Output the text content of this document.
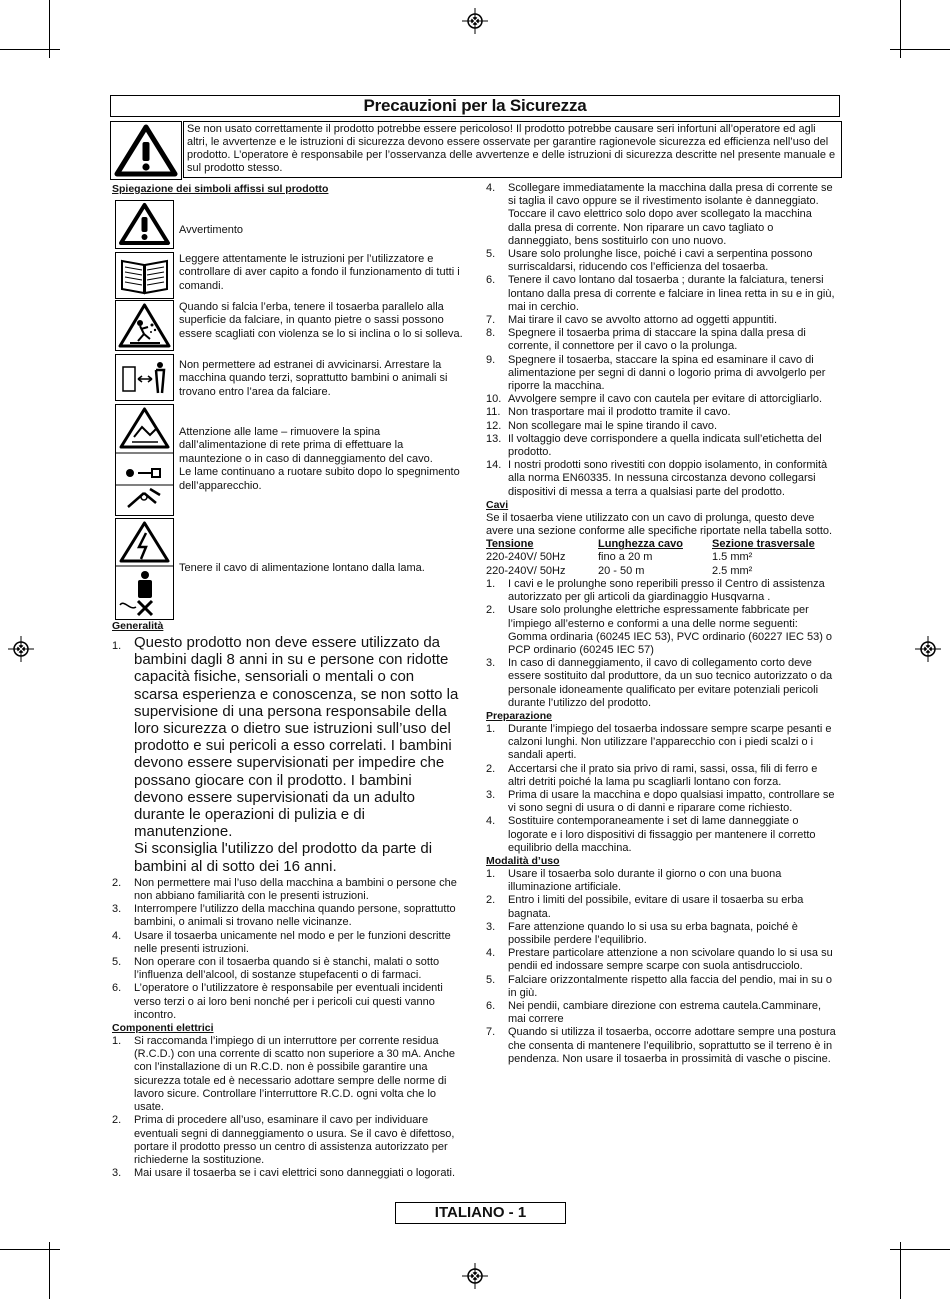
Precauzioni per la Sicurezza
Se non usato correttamente il prodotto potrebbe essere pericoloso! Il prodotto potrebbe causare seri infortuni all’operatore ed agli altri, le avvertenze e le istruzioni di sicurezza devono essere osservate per garantire ragionevole sicurezza ed efficienza nell’uso del prodotto. L’operatore è responsabile per l’osservanza delle avvertenze e delle istruzioni di sicurezza descritte nel presente manuale e sul prodotto stesso.
Spiegazione dei simboli affissi sul prodotto
Avvertimento
Leggere attentamente le istruzioni per l’utilizzatore e controllare di aver capito a fondo il funzionamento di tutti i comandi.
Quando si falcia l’erba, tenere il tosaerba parallelo alla superficie da falciare, in quanto pietre o sassi possono essere scagliati con violenza se lo si inclina o lo si solleva.
Non permettere ad estranei di avvicinarsi. Arrestare la macchina quando terzi, soprattutto bambini o animali si trovano entro l’area da falciare.
Attenzione alle lame – rimuovere la spina dall’alimentazione di rete prima di effettuare la mauntezione o in caso di danneggiamento del cavo.
Le lame continuano a ruotare subito dopo lo spegnimento dell’apparecchio.
Tenere il cavo di alimentazione lontano dalla lama.
Generalità
1. Questo prodotto non deve essere utilizzato da bambini dagli 8 anni in su e persone con ridotte capacità fisiche, sensoriali o mentali o con scarsa esperienza e conoscenza, se non sotto la supervisione di una persona responsabile della loro sicurezza o dietro sue istruzioni sull’uso del prodotto e sui pericoli a esso correlati. I bambini devono essere supervisionati per impedire che possano giocare con il prodotto. I bambini devono essere supervisionati da un adulto durante le operazioni di pulizia e di manutenzione.
Si sconsiglia l'utilizzo del prodotto da parte di bambini al di sotto dei 16 anni.
2. Non permettere mai l’uso della macchina a bambini o persone che non abbiano familiarità con le presenti istruzioni.
3. Interrompere l’utilizzo della macchina quando persone, soprattutto bambini, o animali si trovano nelle vicinanze.
4. Usare il tosaerba unicamente nel modo e per le funzioni descritte nelle presenti istruzioni.
5. Non operare con il tosaerba quando si è stanchi, malati o sotto l’influenza dell’alcool, di sostanze stupefacenti o di farmaci.
6. L’operatore o l’utilizzatore è responsabile per eventuali incidenti verso terzi o ai loro beni nonché per i pericoli cui questi vanno incontro.
Componenti elettrici
1. Si raccomanda l’impiego di un interruttore per corrente residua (R.C.D.) con una corrente di scatto non superiore a 30 mA. Anche con l’installazione di un R.C.D. non è possibile garantire una sicurezza totale ed è necessario adottare sempre delle norme di lavoro sicure. Controllare l’interruttore R.C.D. ogni volta che lo usate.
2. Prima di procedere all’uso, esaminare il cavo per individuare eventuali segni di danneggiamento o usura. Se il cavo è difettoso, portare il prodotto presso un centro di assistenza autorizzato per richiederne la sostituzione.
3. Mai usare il tosaerba se i cavi elettrici sono danneggiati o logorati.
4. Scollegare immediatamente la macchina dalla presa di corrente se si taglia il cavo oppure se il rivestimento isolante è danneggiato. Toccare il cavo elettrico solo dopo aver scollegato la macchina dalla presa di corrente. Non riparare un cavo tagliato o danneggiato, bens sostituirlo con uno nuovo.
5. Usare solo prolunghe lisce, poiché i cavi a serpentina possono surriscaldarsi, riducendo cos l’efficienza del tosaerba.
6. Tenere il cavo lontano dal tosaerba ; durante la falciatura, tenersi lontano dalla presa di corrente e falciare in linea retta in su e in giù, mai in cerchio.
7. Mai tirare il cavo se avvolto attorno ad oggetti appuntiti.
8. Spegnere il tosaerba prima di staccare la spina dalla presa di corrente, il connettore per il cavo o la prolunga.
9. Spegnere il tosaerba, staccare la spina ed esaminare il cavo di alimentazione per segni di danni o logorio prima di avvolgerlo per riporre la macchina.
10. Avvolgere sempre il cavo con cautela per evitare di attorcigliarlo.
11. Non trasportare mai il prodotto tramite il cavo.
12. Non scollegare mai le spine tirando il cavo.
13. Il voltaggio deve corrispondere a quella indicata sull’etichetta del prodotto.
14. I nostri prodotti sono rivestiti con doppio isolamento, in conformità alla norma EN60335. In nessuna circostanza devono collegarsi dispositivi di messa a terra a qualsiasi parte del prodotto.
Cavi
Se il tosaerba viene utilizzato con un cavo di prolunga, questo deve avere una sezione conforme alle specifiche riportate nella tabella sotto.
Tensione	Lunghezza cavo	Sezione trasversale
220-240V/ 50Hz	fino a 20 m	1.5 mm²
220-240V/ 50Hz	20 - 50 m	2.5 mm²
1. I cavi e le prolunghe sono reperibili presso il Centro di assistenza autorizzato per gli articoli da giardinaggio Husqvarna .
2. Usare solo prolunghe elettriche espressamente fabbricate per l’impiego all’esterno e conformi a una delle norme seguenti: Gomma ordinaria (60245 IEC 53), PVC ordinario (60227 IEC 53) o PCP ordinario (60245 IEC 57)
3. In caso di danneggiamento, il cavo di collegamento corto deve essere sostituito dal produttore, da un suo tecnico autorizzato o da personale idoneamente qualificato per evitare potenziali pericoli durante l’utilizzo del prodotto.
Preparazione
1. Durante l’impiego del tosaerba indossare sempre scarpe pesanti e calzoni lunghi. Non utilizzare l’apparecchio con i piedi scalzi o i sandali aperti.
2. Accertarsi che il prato sia privo di rami, sassi, ossa, fili di ferro e altri detriti poiché la lama pu scagliarli lontano con forza.
3. Prima di usare la macchina e dopo qualsiasi impatto, controllare se vi sono segni di usura o di danni e riparare come richiesto.
4. Sostituire contemporaneamente i set di lame danneggiate o logorate e i loro dispositivi di fissaggio per mantenere il corretto equilibrio della macchina.
Modalità d’uso
1. Usare il tosaerba solo durante il giorno o con una buona illuminazione artificiale.
2. Entro i limiti del possibile, evitare di usare il tosaerba su erba bagnata.
3. Fare attenzione quando lo si usa su erba bagnata, poiché è possibile perdere l’equilibrio.
4. Prestare particolare attenzione a non scivolare quando lo si usa su pendii ed indossare sempre scarpe con suola antisdrucciolo.
5. Falciare orizzontalmente rispetto alla faccia del pendio, mai in su o in giù.
6. Nei pendii, cambiare direzione con estrema cautela.Camminare, mai correre
7. Quando si utilizza il tosaerba, occorre adottare sempre una postura che consenta di mantenere l’equilibrio, soprattutto se il terreno è in pendenza. Non usare il tosaerba in prossimità di vasche o piscine.
ITALIANO - 1
